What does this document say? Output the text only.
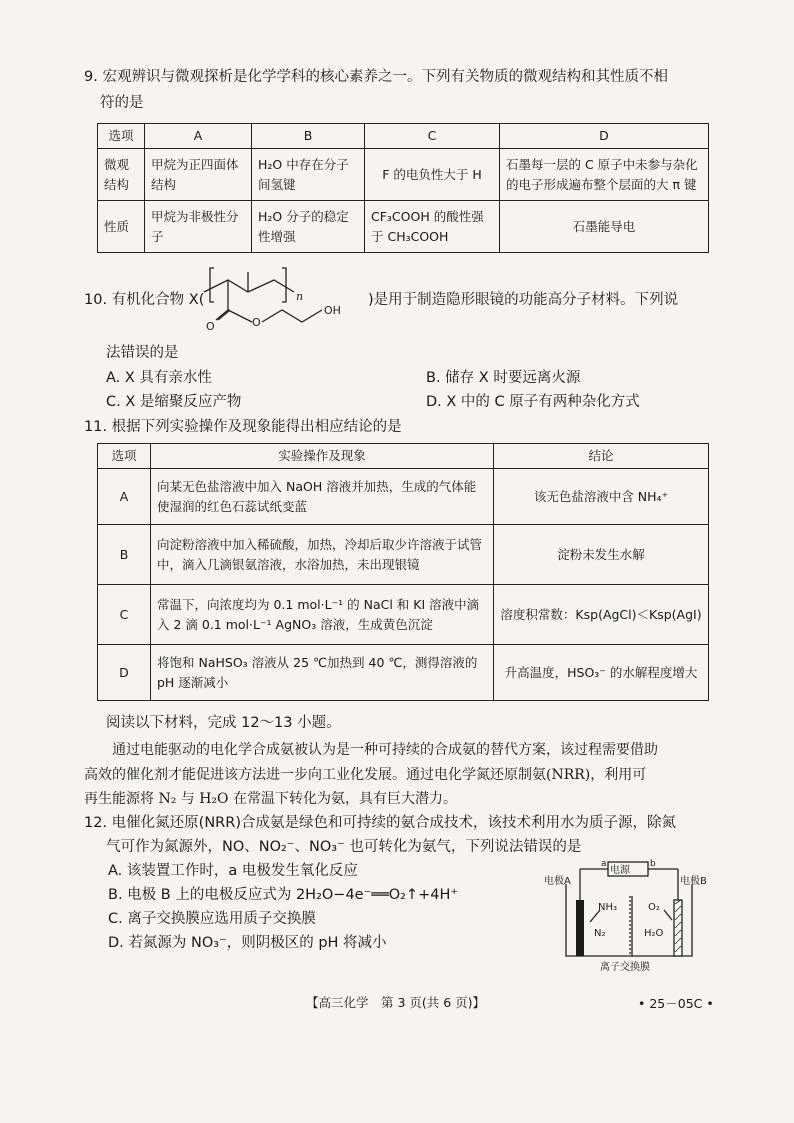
9. 宏观辨识与微观探析是化学学科的核心素养之一。下列有关物质的微观结构和其性质不相
符的是
选项	A	B	C	D
微观结构	甲烷为正四面体结构	H₂O 中存在分子间氢键	F 的电负性大于 H	石墨每一层的 C 原子中未参与杂化的电子形成遍布整个层面的大 π 键
性质	甲烷为非极性分子	H₂O 分子的稳定性增强	CF₃COOH 的酸性强于 CH₃COOH	石墨能导电
10. 有机化合物 X(	n
O	O
OH
)是用于制造隐形眼镜的功能高分子材料。下列说
法错误的是
A. X 具有亲水性	B. 储存 X 时要远离火源
C. X 是缩聚反应产物	D. X 中的 C 原子有两种杂化方式
11. 根据下列实验操作及现象能得出相应结论的是
选项	实验操作及现象	结论
A	向某无色盐溶液中加入 NaOH 溶液并加热，生成的气体能使湿润的红色石蕊试纸变蓝	该无色盐溶液中含 NH₄⁺
B	向淀粉溶液中加入稀硫酸，加热，冷却后取少许溶液于试管中，滴入几滴银氨溶液，水浴加热，未出现银镜	淀粉未发生水解
C	常温下，向浓度均为 0.1 mol·L⁻¹ 的 NaCl 和 KI 溶液中滴入 2 滴 0.1 mol·L⁻¹ AgNO₃ 溶液，生成黄色沉淀	溶度积常数：Ksp(AgCl)＜Ksp(AgI)
D	将饱和 NaHSO₃ 溶液从 25 ℃加热到 40 ℃，测得溶液的 pH 逐渐减小	升高温度，HSO₃⁻ 的水解程度增大
阅读以下材料，完成 12～13 小题。
通过电能驱动的电化学合成氨被认为是一种可持续的合成氨的替代方案，该过程需要借助
高效的催化剂才能促进该方法进一步向工业化发展。通过电化学氮还原制氨(NRR)，利用可
再生能源将 N₂ 与 H₂O 在常温下转化为氨，具有巨大潜力。
12. 电催化氮还原(NRR)合成氨是绿色和可持续的氨合成技术，该技术利用水为质子源，除氮
气可作为氮源外，NO、NO₂⁻、NO₃⁻ 也可转化为氨气，下列说法错误的是
A. 该装置工作时，a 电极发生氧化反应
B. 电极 B 上的电极反应式为 2H₂O−4e⁻══O₂↑+4H⁺
C. 离子交换膜应选用质子交换膜
D. 若氮源为 NO₃⁻，则阴极区的 pH 将减小
电源
a	b
电极A	电极B
NH₃
N₂
O₂
H₂O
离子交换膜
【高三化学　第 3 页(共 6 页)】	• 25－05C •
